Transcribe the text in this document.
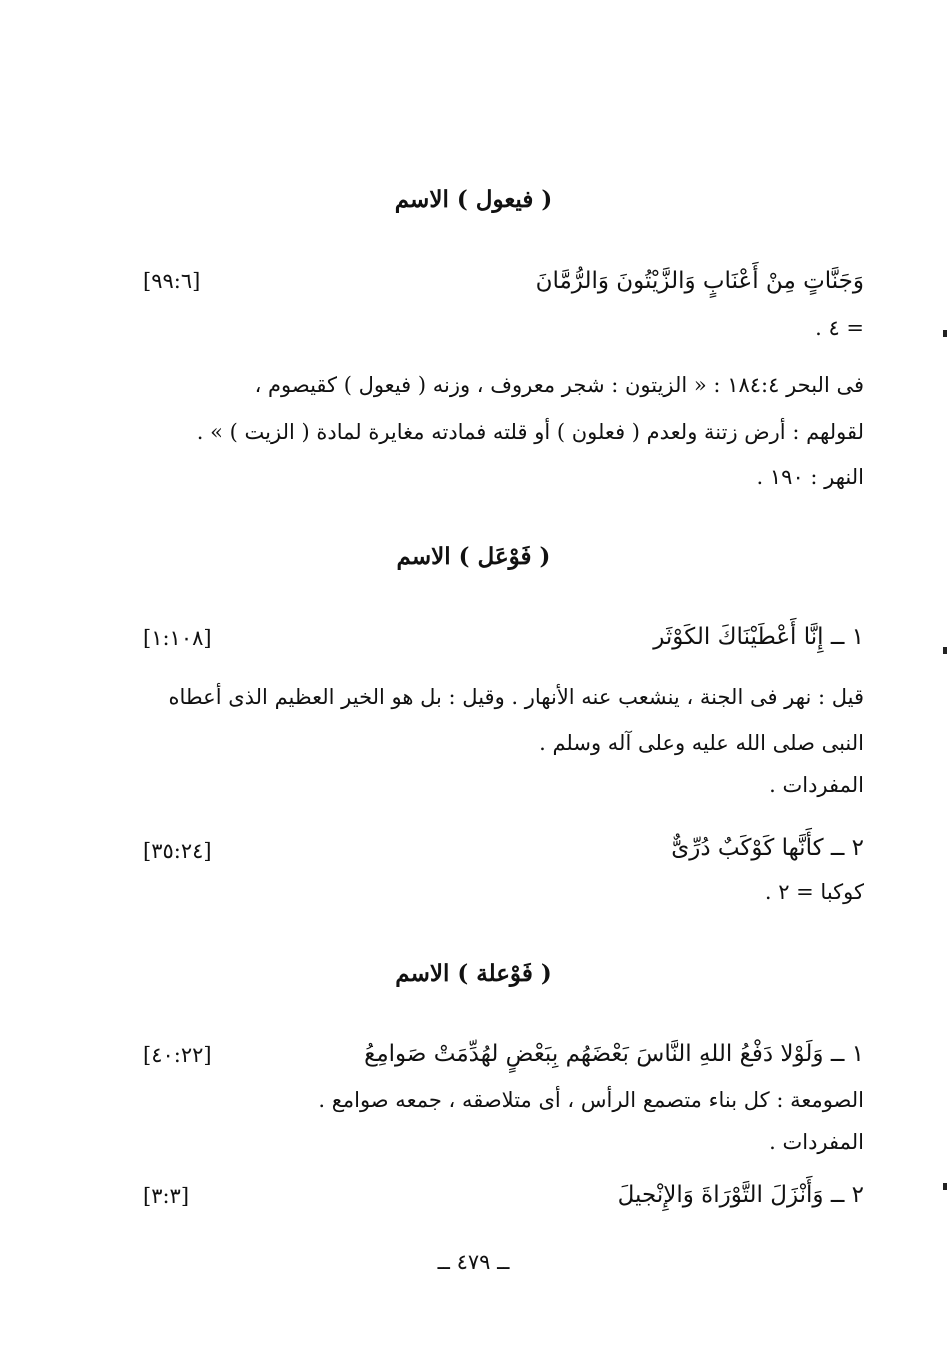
( فيعول ) الاسم
وَجَنَّاتٍ مِنْ أَعْنَابٍ وَالزَّيْتُونَ وَالرُّمَّانَ
[٩٩:٦]
= ٤ .
فى البحر ١٨٤:٤ : « الزيتون : شجر معروف ، وزنه ( فيعول ) كقيصوم ،
لقولهم : أرض زتنة ولعدم ( فعلون ) أو قلته فمادته مغايرة لمادة ( الزيت ) » .
النهر : ١٩٠ .
( فَوْعَل ) الاسم
١ ــ إِنَّا أَعْطَيْنَاكَ الكَوْثَر
[١:١٠٨]
قيل : نهر فى الجنة ، ينشعب عنه الأنهار . وقيل : بل هو الخير العظيم الذى أعطاه
النبى صلى الله عليه وعلى آله وسلم .
المفردات .
٢ ــ كأَنَّها كَوْكَبٌ دُرِّىٌّ
[٣٥:٢٤]
كوكبا = ٢ .
( فَوْعلة ) الاسم
١ ــ وَلَوْلا دَفْعُ اللهِ النَّاسَ بَعْضَهُم بِبَعْضٍ لهُدِّمَتْ صَوامِعُ
[٤٠:٢٢]
الصومعة : كل بناء متصمع الرأس ، أى متلاصقه ، جمعه صوامع .
المفردات .
٢ ــ وَأَنْزَلَ التَّوْرَاةَ وَالإِنْجيلَ
[٣:٣]
ــ ٤٧٩ ــ
